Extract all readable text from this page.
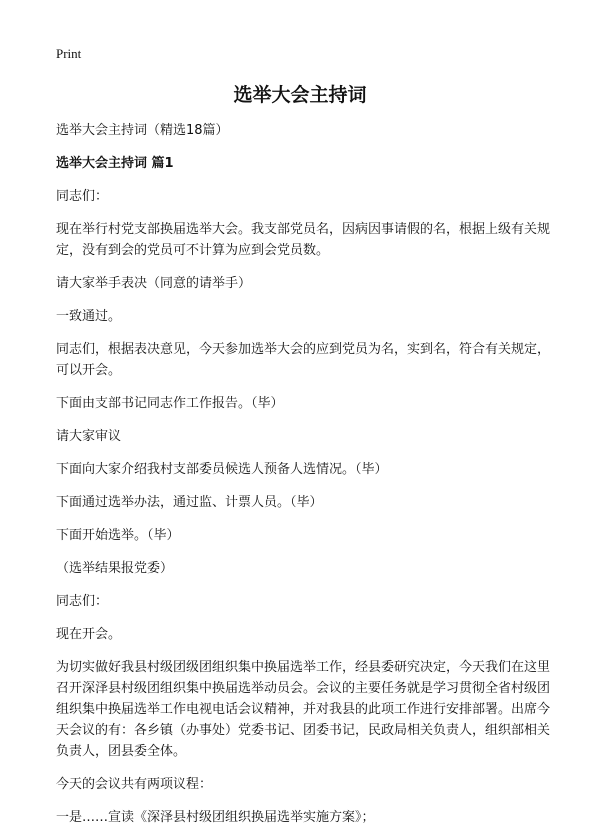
Print
选举大会主持词

选举大会主持词（精选18篇）

选举大会主持词 篇1

同志们：

现在举行村党支部换届选举大会。我支部党员名，因病因事请假的名，根据上级有关规定，没有到会的党员可不计算为应到会党员数。

请大家举手表决（同意的请举手）

一致通过。

同志们，根据表决意见，今天参加选举大会的应到党员为名，实到名，符合有关规定，可以开会。

下面由支部书记同志作工作报告。（毕）

请大家审议

下面向大家介绍我村支部委员候选人预备人选情况。（毕）

下面通过选举办法，通过监、计票人员。（毕）

下面开始选举。（毕）

（选举结果报党委）

同志们：

现在开会。

为切实做好我县村级团级团组织集中换届选举工作，经县委研究决定，今天我们在这里召开深泽县村级团组织集中换届选举动员会。会议的主要任务就是学习贯彻全省村级团组织集中换届选举工作电视电话会议精神，并对我县的此项工作进行安排部署。出席今天会议的有：各乡镇（办事处）党委书记、团委书记，民政局相关负责人，组织部相关负责人，团县委全体。

今天的会议共有两项议程：

一是……宣读《深泽县村级团组织换届选举实施方案》；
